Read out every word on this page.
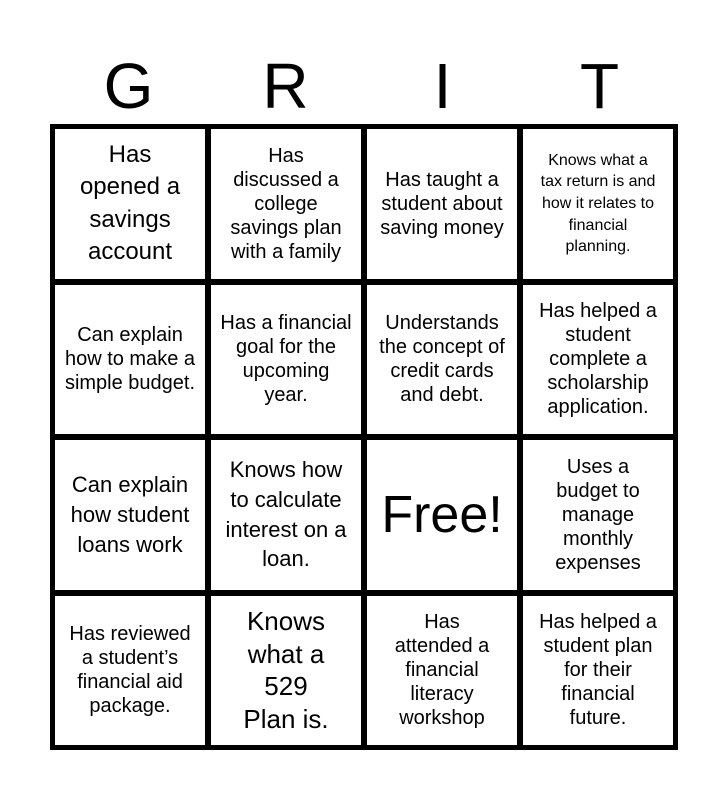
G	R	I	T
Has opened a savings account
Has discussed a college savings plan with a family
Has taught a student about saving money
Knows what a tax return is and how it relates to financial planning.
Can explain how to make a simple budget.
Has a financial goal for the upcoming year.
Understands the concept of credit cards and debt.
Has helped a student complete a scholarship application.
Can explain how student loans work
Knows how to calculate interest on a loan.
Free!
Uses a budget to manage monthly expenses
Has reviewed a student’s financial aid package.
Knows what a 529 Plan is.
Has attended a financial literacy workshop
Has helped a student plan for their financial future.
